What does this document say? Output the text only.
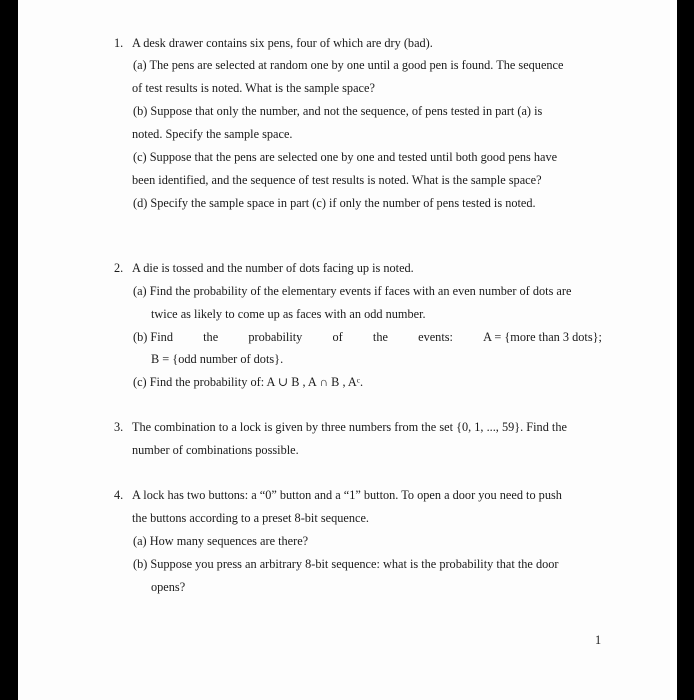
1. A desk drawer contains six pens, four of which are dry (bad).
(a) The pens are selected at random one by one until a good pen is found. The sequence
of test results is noted. What is the sample space?
(b) Suppose that only the number, and not the sequence, of pens tested in part (a) is
noted. Specify the sample space.
(c) Suppose that the pens are selected one by one and tested until both good pens have
been identified, and the sequence of test results is noted. What is the sample space?
(d) Specify the sample space in part (c) if only the number of pens tested is noted.
2. A die is tossed and the number of dots facing up is noted.
(a) Find the probability of the elementary events if faces with an even number of dots are
twice as likely to come up as faces with an odd number.
(b) Find the probability of the events: A = {more than 3 dots};
B = {odd number of dots}.
(c) Find the probability of: A ∪ B , A ∩ B , Aᶜ.
3. The combination to a lock is given by three numbers from the set {0, 1, ..., 59}. Find the
number of combinations possible.
4. A lock has two buttons: a “0” button and a “1” button. To open a door you need to push
the buttons according to a preset 8-bit sequence.
(a) How many sequences are there?
(b) Suppose you press an arbitrary 8-bit sequence: what is the probability that the door
opens?
1
